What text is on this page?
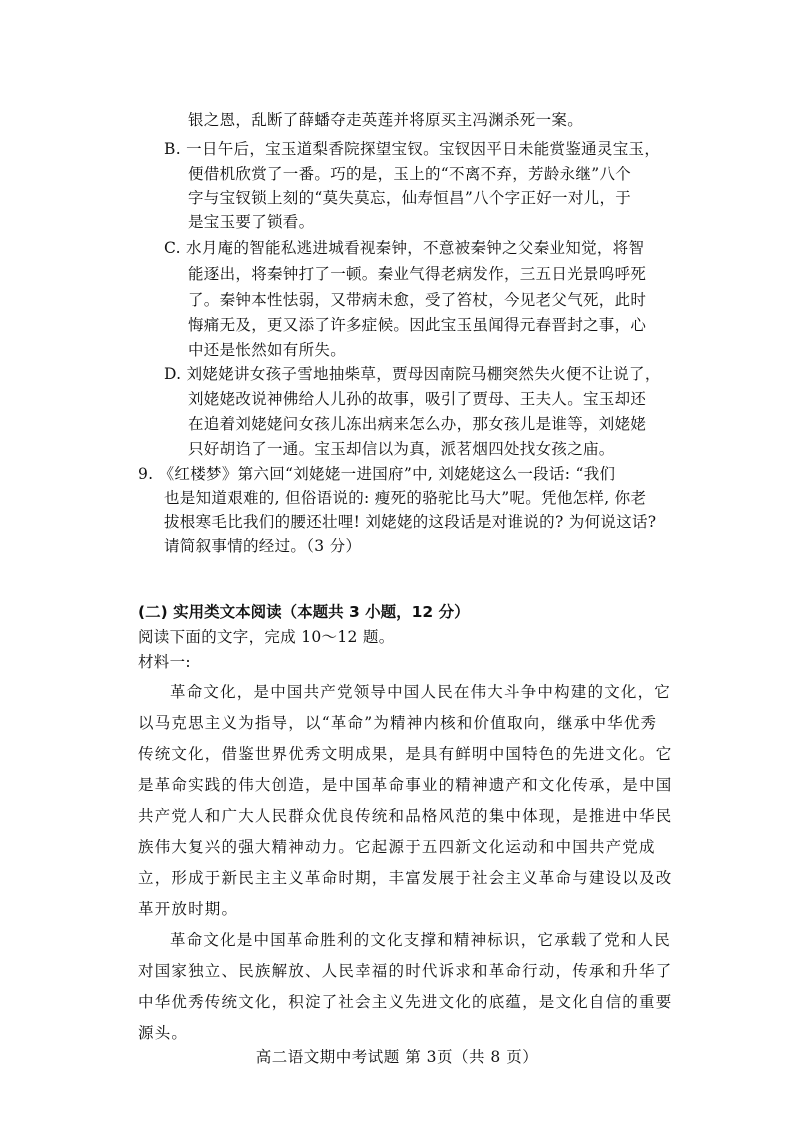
银之恩，乱断了薛蟠夺走英莲并将原买主冯渊杀死一案。
B. 一日午后，宝玉道梨香院探望宝钗。宝钗因平日未能赏鉴通灵宝玉，
便借机欣赏了一番。巧的是，玉上的“不离不弃，芳龄永继”八个
字与宝钗锁上刻的“莫失莫忘，仙寿恒昌”八个字正好一对儿，于
是宝玉要了锁看。
C. 水月庵的智能私逃进城看视秦钟，不意被秦钟之父秦业知觉，将智
能逐出，将秦钟打了一顿。秦业气得老病发作，三五日光景呜呼死
了。秦钟本性怯弱，又带病未愈，受了笞杖，今见老父气死，此时
悔痛无及，更又添了许多症候。因此宝玉虽闻得元春晋封之事，心
中还是怅然如有所失。
D. 刘姥姥讲女孩子雪地抽柴草，贾母因南院马棚突然失火便不让说了，
刘姥姥改说神佛给人儿孙的故事，吸引了贾母、王夫人。宝玉却还
在追着刘姥姥问女孩儿冻出病来怎么办，那女孩儿是谁等，刘姥姥
只好胡诌了一通。宝玉却信以为真，派茗烟四处找女孩之庙。
9. 《红楼梦》第六回“刘姥姥一进国府”中, 刘姥姥这么一段话: “我们
也是知道艰难的, 但俗语说的: 瘦死的骆驼比马大”呢。凭他怎样, 你老
拔根寒毛比我们的腰还壮哩! 刘姥姥的这段话是对谁说的? 为何说这话?
请简叙事情的经过。（3 分）
(二) 实用类文本阅读（本题共 3 小题，12 分）
阅读下面的文字，完成 10～12 题。
材料一:
革命文化，是中国共产党领导中国人民在伟大斗争中构建的文化，它
以马克思主义为指导，以“革命”为精神内核和价值取向，继承中华优秀
传统文化，借鉴世界优秀文明成果，是具有鲜明中国特色的先进文化。它
是革命实践的伟大创造，是中国革命事业的精神遗产和文化传承，是中国
共产党人和广大人民群众优良传统和品格风范的集中体现，是推进中华民
族伟大复兴的强大精神动力。它起源于五四新文化运动和中国共产党成
立，形成于新民主主义革命时期，丰富发展于社会主义革命与建设以及改
革开放时期。
革命文化是中国革命胜利的文化支撑和精神标识，它承载了党和人民
对国家独立、民族解放、人民幸福的时代诉求和革命行动，传承和升华了
中华优秀传统文化，积淀了社会主义先进文化的底蕴，是文化自信的重要
源头。
高二语文期中考试题 第 3页（共 8 页）
